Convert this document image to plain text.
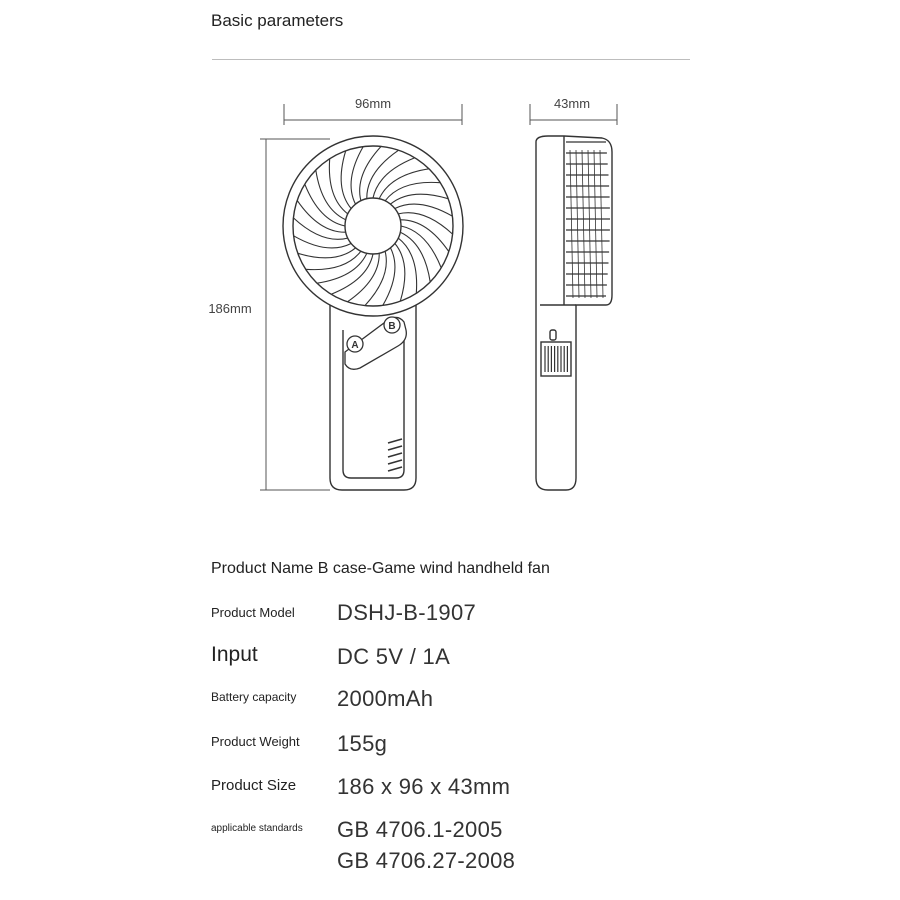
Basic parameters
96mm
186mm
A
B
43mm
Product Name B case-Game wind handheld fan
Product Model DSHJ-B-1907
Input	DC 5V / 1A
Battery capacity 2000mAh
Product Weight 155g
Product Size 186 x 96 x 43mm
applicable standards GB 4706.1-2005
GB 4706.27-2008
